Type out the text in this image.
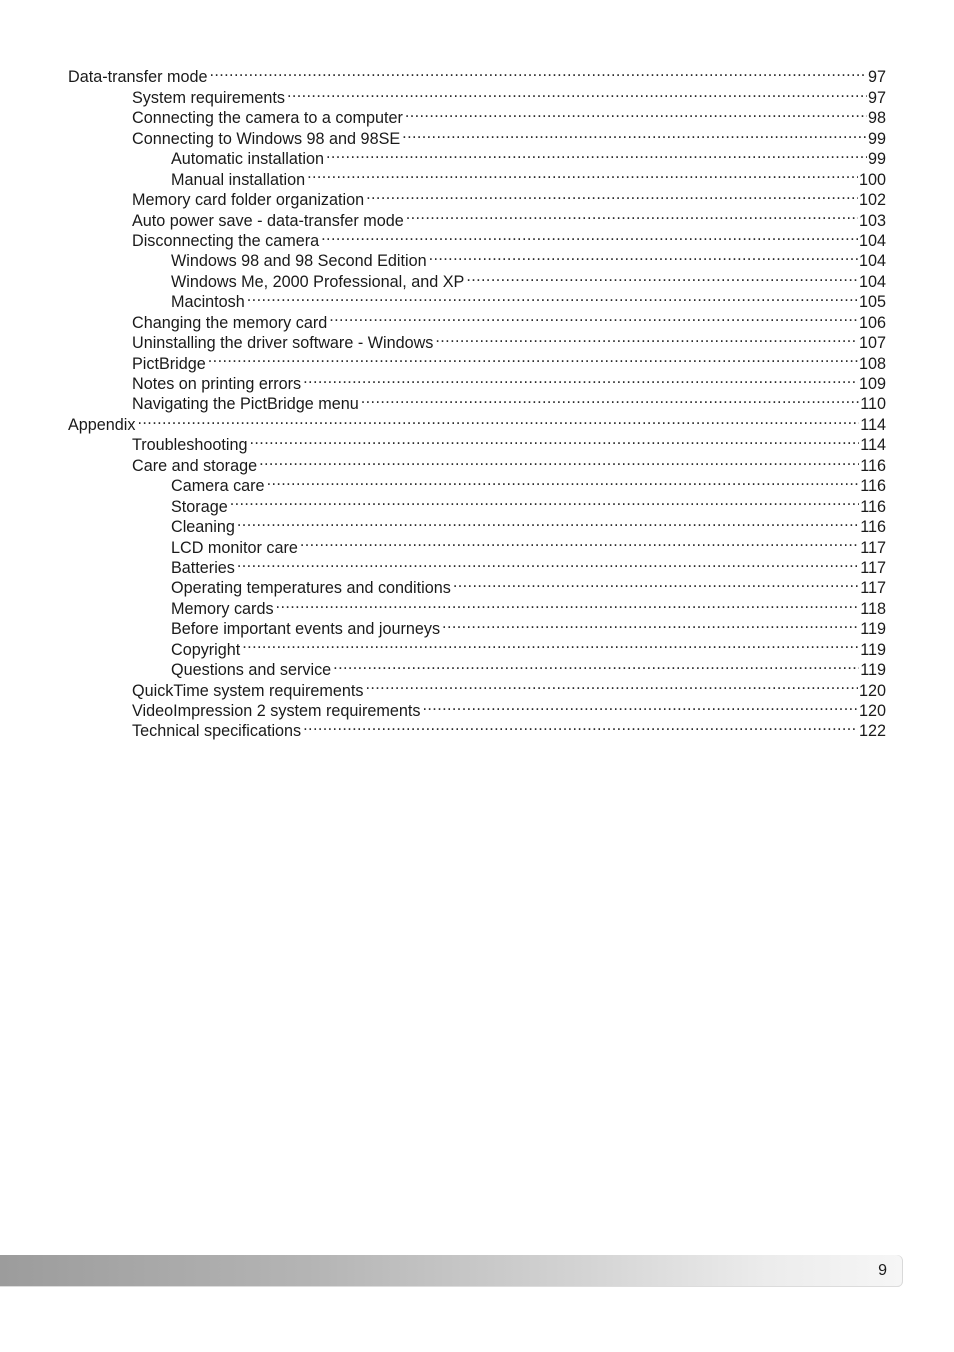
Data-transfer mode .....	97
System requirements .....	97
Connecting the camera to a computer .....	98
Connecting to Windows 98 and 98SE .....	99
Automatic installation .....	99
Manual installation .....	100
Memory card folder organization .....	102
Auto power save - data-transfer mode .....	103
Disconnecting the camera .....	104
Windows 98 and 98 Second Edition .....	104
Windows Me, 2000 Professional, and XP .....	104
Macintosh .....	105
Changing the memory card .....	106
Uninstalling the driver software - Windows .....	107
PictBridge .....	108
Notes on printing errors .....	109
Navigating the PictBridge menu .....	110
Appendix .....	114
Troubleshooting .....	114
Care and storage .....	116
Camera care .....	116
Storage .....	116
Cleaning .....	116
LCD monitor care .....	117
Batteries .....	117
Operating temperatures and conditions .....	117
Memory cards .....	118
Before important events and journeys .....	119
Copyright .....	119
Questions and service .....	119
QuickTime system requirements .....	120
VideoImpression 2 system requirements .....	120
Technical specifications .....	122
9
